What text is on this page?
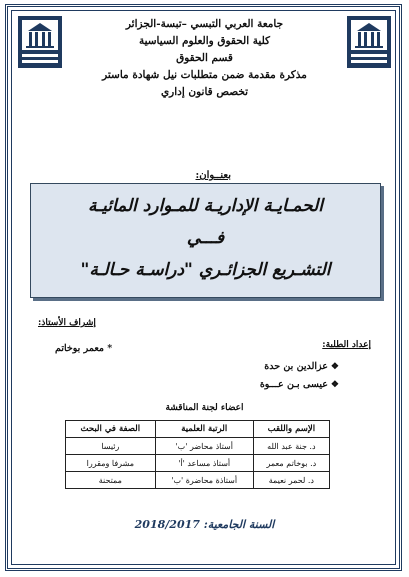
جامعة العربي التبسي –تبسة-الجزائر
كلية الحقوق والعلوم السياسية
قسم الحقوق
مذكرة مقدمة ضمن متطلبات نيل شهادة ماستر
تخصص قانون إداري
بعنــوان:
الحمـايـة الإداريـة للمـوارد المائيـة
فـــي
التشـريع الجزائـري "دراسـة حـالـة"
إشراف الأستاذ:
* معمر بوخاتم	إعداد الطلبة:
❖عزالدين بن حدة
❖عيسى بـن عـــوة
اعضاء لجنة المناقشة
الإسم واللقب	الرتبة العلمية	الصفة في البحث
د. جنة عبد الله	أستاذ محاضر 'ب'	رئيسا
د. بوخاتم معمر	أستاذ مساعد 'أ'	مشرفا ومقررا
د. لحمر نعيمة	أستاذة محاضرة 'ب'	ممتحنة
السنة الجامعية: 2018/2017
